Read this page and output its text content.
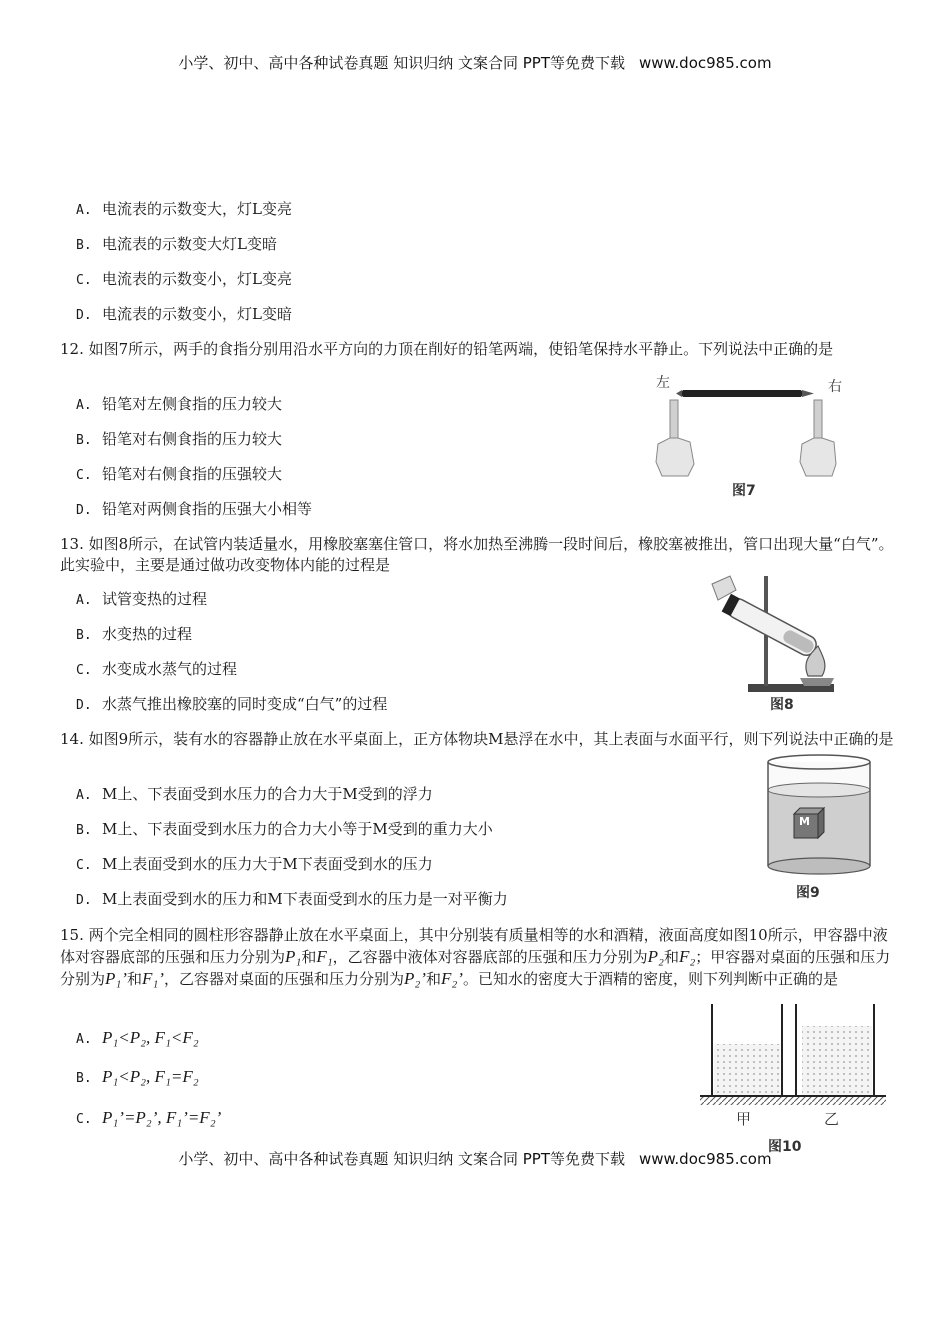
小学、初中、高中各种试卷真题 知识归纳 文案合同 PPT等免费下载 www.doc985.com
A. 电流表的示数变大，灯L变亮
B. 电流表的示数变大灯L变暗
C. 电流表的示数变小，灯L变亮
D. 电流表的示数变小，灯L变暗
12. 如图7所示，两手的食指分别用沿水平方向的力顶在削好的铅笔两端，使铅笔保持水平静止。下列说法中正确的是
A. 铅笔对左侧食指的压力较大
B. 铅笔对右侧食指的压力较大
C. 铅笔对右侧食指的压强较大
D. 铅笔对两侧食指的压强大小相等
左	右
图7
13. 如图8所示，在试管内装适量水，用橡胶塞塞住管口，将水加热至沸腾一段时间后，橡胶塞被推出，管口出现大量“白气”。此实验中，主要是通过做功改变物体内能的过程是
A. 试管变热的过程
B. 水变热的过程
C. 水变成水蒸气的过程
D. 水蒸气推出橡胶塞的同时变成“白气”的过程	图8
14. 如图9所示，装有水的容器静止放在水平桌面上，正方体物块M悬浮在水中，其上表面与水面平行，则下列说法中正确的是
A. M上、下表面受到水压力的合力大于M受到的浮力
B. M上、下表面受到水压力的合力大小等于M受到的重力大小
C. M上表面受到水的压力大于M下表面受到水的压力
D. M上表面受到水的压力和M下表面受到水的压力是一对平衡力
M
图9
15. 两个完全相同的圆柱形容器静止放在水平桌面上，其中分别装有质量相等的水和酒精，液面高度如图10所示，甲容器中液体对容器底部的压强和压力分别为P₁和F₁，乙容器中液体对容器底部的压强和压力分别为P₂和F₂；甲容器对桌面的压强和压力分别为P₁’和F₁’，乙容器对桌面的压强和压力分别为P₂’和F₂’。已知水的密度大于酒精的密度，则下列判断中正确的是
A. P₁<P₂, F₁<F₂
B. P₁<P₂, F₁=F₂
C. P₁’=P₂’, F₁’=F₂’	甲	乙
图10
小学、初中、高中各种试卷真题 知识归纳 文案合同 PPT等免费下载 www.doc985.com
